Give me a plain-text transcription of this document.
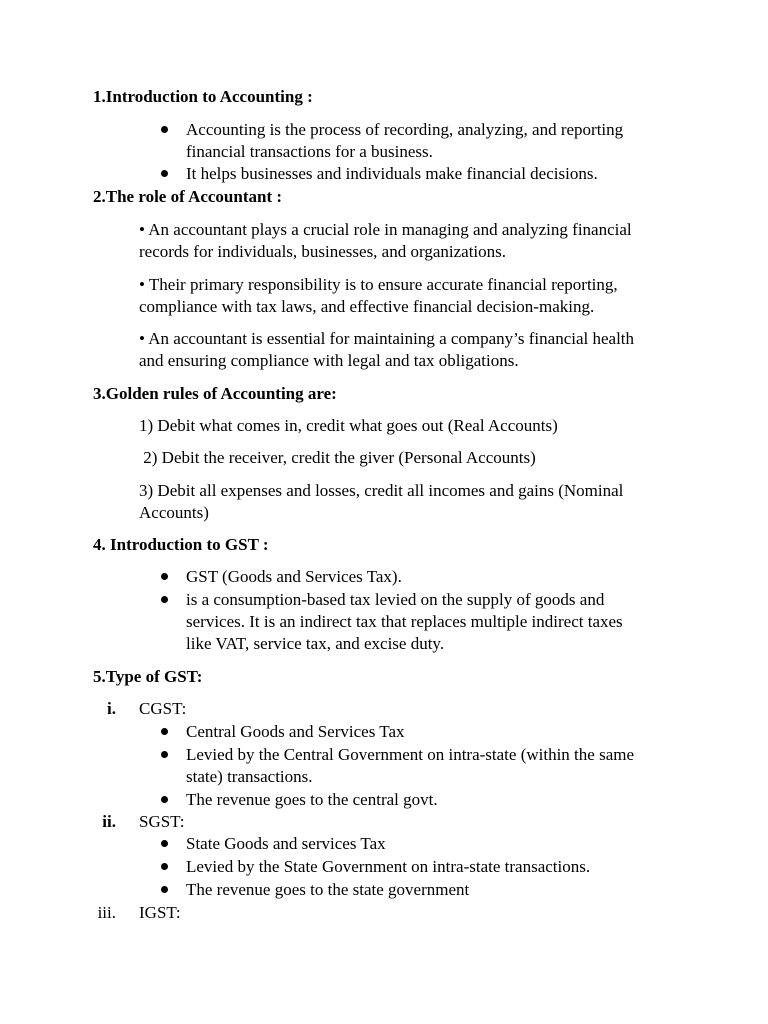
1.Introduction to Accounting :
Accounting is the process of recording, analyzing, and reporting
financial transactions for a business.
It helps businesses and individuals make financial decisions.
2.The role of Accountant :
• An accountant plays a crucial role in managing and analyzing financial
records for individuals, businesses, and organizations.
• Their primary responsibility is to ensure accurate financial reporting,
compliance with tax laws, and effective financial decision-making.
• An accountant is essential for maintaining a company’s financial health
and ensuring compliance with legal and tax obligations.
3.Golden rules of Accounting are:
1) Debit what comes in, credit what goes out (Real Accounts)
2) Debit the receiver, credit the giver (Personal Accounts)
3) Debit all expenses and losses, credit all incomes and gains (Nominal
Accounts)
4. Introduction to GST :
GST (Goods and Services Tax).
is a consumption-based tax levied on the supply of goods and
services. It is an indirect tax that replaces multiple indirect taxes
like VAT, service tax, and excise duty.
5.Type of GST:
i. CGST:
Central Goods and Services Tax
Levied by the Central Government on intra-state (within the same
state) transactions.
The revenue goes to the central govt.
ii. SGST:
State Goods and services Tax
Levied by the State Government on intra-state transactions.
The revenue goes to the state government
iii. IGST:
